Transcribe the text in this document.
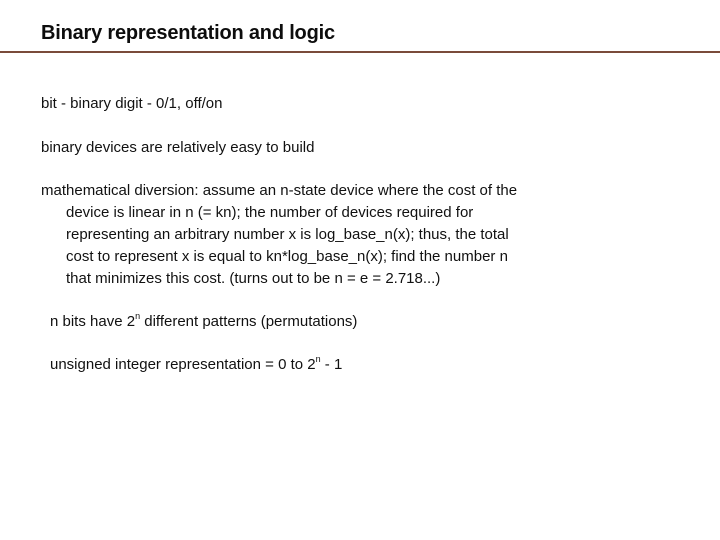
Binary representation and logic
bit - binary digit - 0/1, off/on
binary devices are relatively easy to build
mathematical diversion: assume an n-state device where the cost of the
device is linear in n (= kn); the number of devices required for
representing an arbitrary number x is log_base_n(x); thus, the total
cost to represent x is equal to kn*log_base_n(x); find the number n
that minimizes this cost. (turns out to be n = e = 2.718...)
n bits have 2$^n$ different patterns (permutations)
unsigned integer representation = 0 to 2$^n$ - 1
